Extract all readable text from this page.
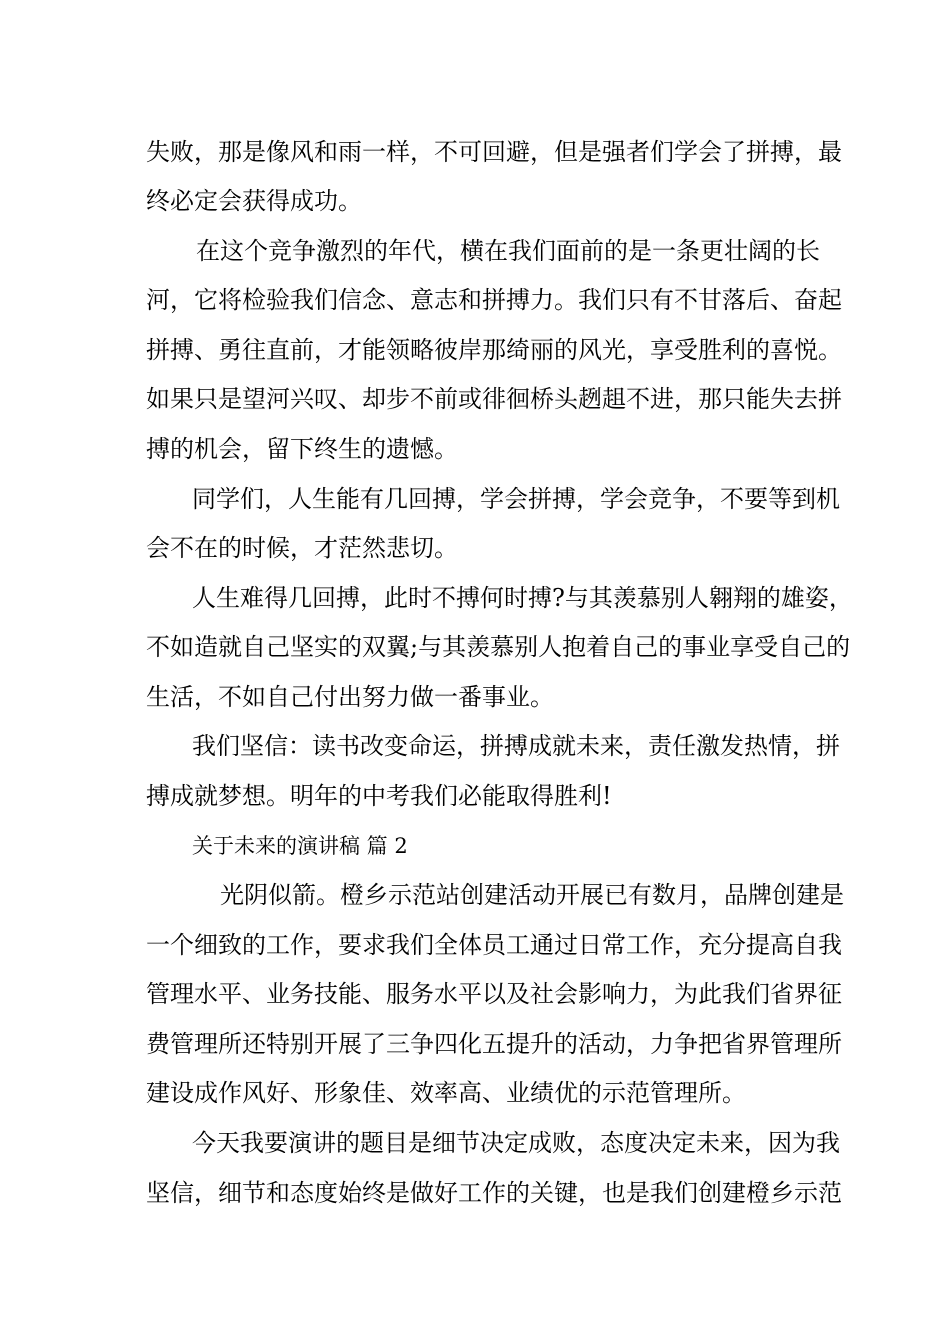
失败，那是像风和雨一样，不可回避，但是强者们学会了拼搏，最
终必定会获得成功。
在这个竞争激烈的年代，横在我们面前的是一条更壮阔的长
河，它将检验我们信念、意志和拼搏力。我们只有不甘落后、奋起
拼搏、勇往直前，才能领略彼岸那绮丽的风光，享受胜利的喜悦。
如果只是望河兴叹、却步不前或徘徊桥头趔趄不进，那只能失去拼
搏的机会，留下终生的遗憾。
同学们，人生能有几回搏，学会拼搏，学会竞争，不要等到机
会不在的时候，才茫然悲切。
人生难得几回搏，此时不搏何时搏?与其羡慕别人翱翔的雄姿，
不如造就自己坚实的双翼;与其羡慕别人抱着自己的事业享受自己的
生活，不如自己付出努力做一番事业。
我们坚信：读书改变命运，拼搏成就未来，责任激发热情，拼
搏成就梦想。明年的中考我们必能取得胜利!
关于未来的演讲稿 篇 2
光阴似箭。橙乡示范站创建活动开展已有数月，品牌创建是
一个细致的工作，要求我们全体员工通过日常工作，充分提高自我
管理水平、业务技能、服务水平以及社会影响力，为此我们省界征
费管理所还特别开展了三争四化五提升的活动，力争把省界管理所
建设成作风好、形象佳、效率高、业绩优的示范管理所。
今天我要演讲的题目是细节决定成败，态度决定未来，因为我
坚信，细节和态度始终是做好工作的关键，也是我们创建橙乡示范
